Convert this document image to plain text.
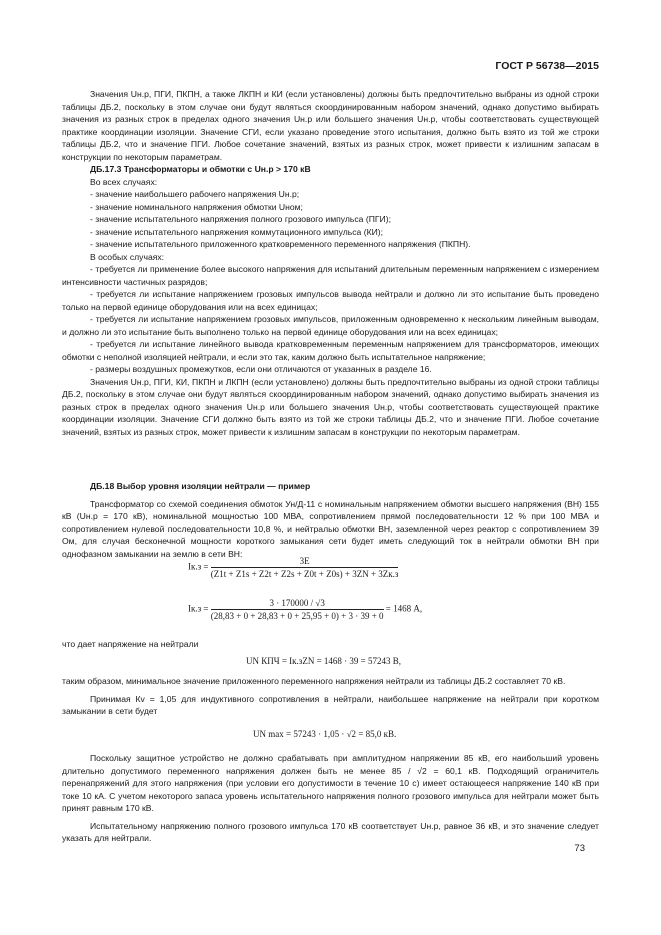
ГОСТ Р 56738—2015

Значения Uн.р, ПГИ, ПКПН, а также ЛКПН и КИ (если установлены) должны быть предпочтительно выбраны из одной строки таблицы ДБ.2, поскольку в этом случае они будут являться скоординированным набором значений, однако допустимо выбирать значения из разных строк в пределах одного значения Uн.р или большего значения Uн.р, чтобы соответствовать существующей практике координации изоляции. Значение СГИ, если указано проведение этого испытания, должно быть взято из той же строки таблицы ДБ.2, что и значение ПГИ. Любое сочетание значений, взятых из разных строк, может привести к излишним запасам в конструкции по некоторым параметрам.

ДБ.17.3 Трансформаторы и обмотки с Uн.р > 170 кВ

Во всех случаях:

- значение наибольшего рабочего напряжения Uн.р;

- значение номинального напряжения обмотки Uном;

- значение испытательного напряжения полного грозового импульса (ПГИ);

- значение испытательного напряжения коммутационного импульса (КИ);

- значение испытательного приложенного кратковременного переменного напряжения (ПКПН).

В особых случаях:

- требуется ли применение более высокого напряжения для испытаний длительным переменным напряжением с измерением интенсивности частичных разрядов;

- требуется ли испытание напряжением грозовых импульсов вывода нейтрали и должно ли это испытание быть проведено только на первой единице оборудования или на всех единицах;

- требуется ли испытание напряжением грозовых импульсов, приложенным одновременно к нескольким линейным выводам, и должно ли это испытание быть выполнено только на первой единице оборудования или на всех единицах;

- требуется ли испытание линейного вывода кратковременным переменным напряжением для трансформаторов, имеющих обмотки с неполной изоляцией нейтрали, и если это так, каким должно быть испытательное напряжение;

- размеры воздушных промежутков, если они отличаются от указанных в разделе 16.

Значения Uн.р, ПГИ, КИ, ПКПН и ЛКПН (если установлено) должны быть предпочтительно выбраны из одной строки таблицы ДБ.2, поскольку в этом случае они будут являться скоординированным набором значений, однако допустимо выбирать значения из разных строк в пределах одного значения Uн.р или большего значения Uн.р, чтобы соответствовать существующей практике координации изоляции. Значение СГИ должно быть взято из той же строки таблицы ДБ.2, что и значение ПГИ. Любое сочетание значений, взятых из разных строк, может привести к излишним запасам в конструкции по некоторым параметрам.

ДБ.18 Выбор уровня изоляции нейтрали — пример

Трансформатор со схемой соединения обмоток Ун/Д-11 с номинальным напряжением обмотки высшего напряжения (ВН) 155 кВ (Uн.р = 170 кВ), номинальной мощностью 100 МВА, сопротивлением прямой последовательности 12 % при 100 МВА и сопротивлением нулевой последовательности 10,8 %, и нейтралью обмотки ВН, заземленной через реактор с сопротивлением 39 Ом, для случая бесконечной мощности короткого замыкания сети будет иметь следующий ток в нейтрали обмотки ВН при однофазном замыкании на землю в сети ВН:

$Iк.з = \frac{3E}{(Z1t + Z1s + Z2t + Z2s + Z0t + Z0s) + 3ZN + 3Zк.з}$
$Iк.з = \frac{3 \cdot 170000 / √3}{(28,83 + 0 + 28,83 + 0 + 25,95 + 0) + 3 \cdot 39 + 0} = 1468$ А,

что дает напряжение на нейтрали

UN КПЧ = Iк.зZN = 1468 · 39 = 57243 В,

таким образом, минимальное значение приложенного переменного напряжения нейтрали из таблицы ДБ.2 составляет 70 кВ.

Принимая Кv = 1,05 для индуктивного сопротивления в нейтрали, наибольшее напряжение на нейтрали при коротком замыкании в сети будет

UN max = 57243 · 1,05 · √2 = 85,0 кВ.

Поскольку защитное устройство не должно срабатывать при амплитудном напряжении 85 кВ, его наибольший уровень длительно допустимого переменного напряжения должен быть не менее 85 / √2 = 60,1 кВ. Подходящий ограничитель перенапряжений для этого напряжения (при условии его допустимости в течение 10 с) имеет остающееся напряжение 140 кВ при токе 10 кА. С учетом некоторого запаса уровень испытательного напряжения полного грозового импульса для нейтрали может быть принят равным 170 кВ.

Испытательному напряжению полного грозового импульса 170 кВ соответствует Uн.р, равное 36 кВ, и это значение следует указать для нейтрали.

73
